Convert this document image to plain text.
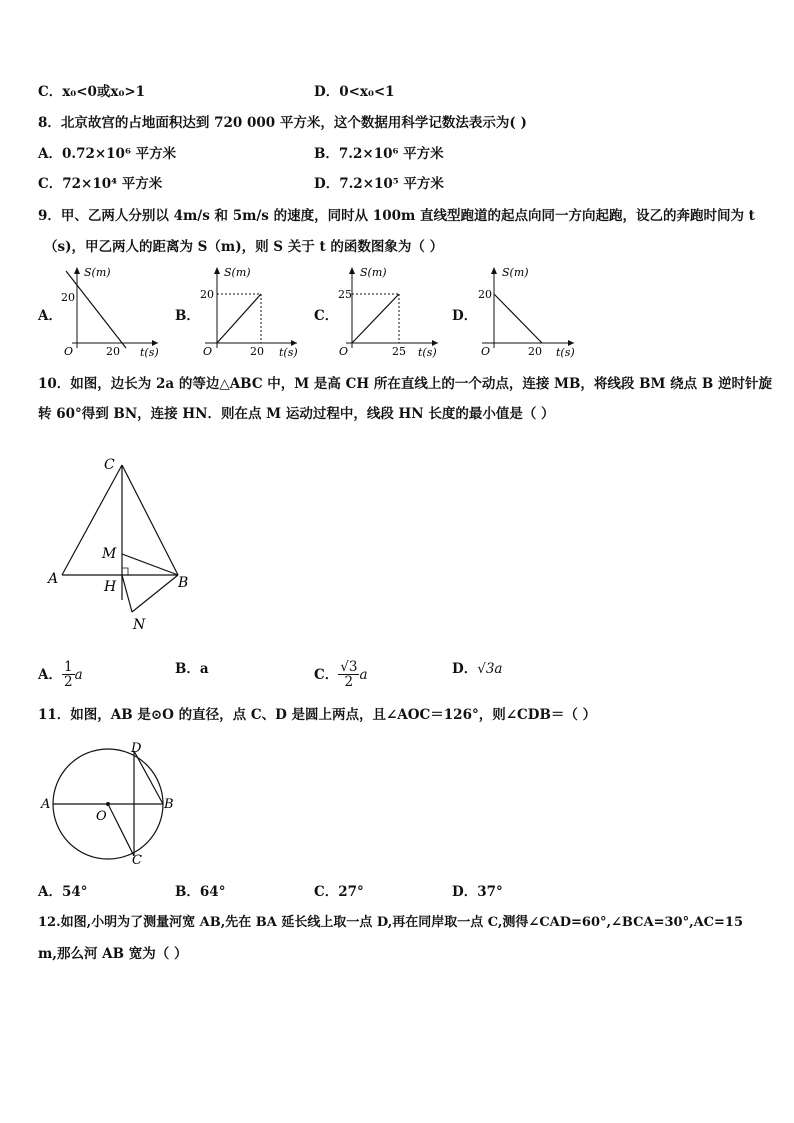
C．x₀<0或x₀>1	D．0<x₀<1
8．北京故宫的占地面积达到 720 000 平方米，这个数据用科学记数法表示为( )
A．0.72×10⁶ 平方米	B．7.2×10⁶ 平方米
C．72×10⁴ 平方米	D．7.2×10⁵ 平方米
9．甲、乙两人分别以 4m/s 和 5m/s 的速度，同时从 100m 直线型跑道的起点向同一方向起跑，设乙的奔跑时间为 t
（s)，甲乙两人的距离为 S（m)，则 S 关于 t 的函数图象为（ ）
A．	B．	C．	D．
S(m)
t(s)
O
20
20
S(m)
t(s)
O
20
20
S(m)
t(s)
O
25
25
S(m)
t(s)
O
20
20
10．如图，边长为 2a 的等边△ABC 中，M 是高 CH 所在直线上的一个动点，连接 MB，将线段 BM 绕点 B 逆时针旋
转 60°得到 BN，连接 HN．则在点 M 运动过程中，线段 HN 长度的最小值是（ ）
C
M
A	H	B
N
A． $\frac{1}{2}$ a	B．a	C． $\frac{√3}{2}$ a	D．√3a
11．如图，AB 是⊙O 的直径，点 C、D 是圆上两点，且∠AOC＝126°，则∠CDB＝（ ）
A	B
C
D
O
A．54°	B．64°	C．27°	D．37°
12.如图,小明为了测量河宽 AB,先在 BA 延长线上取一点 D,再在同岸取一点 C,测得∠CAD=60°,∠BCA=30°,AC=15
m,那么河 AB 宽为（ ）
